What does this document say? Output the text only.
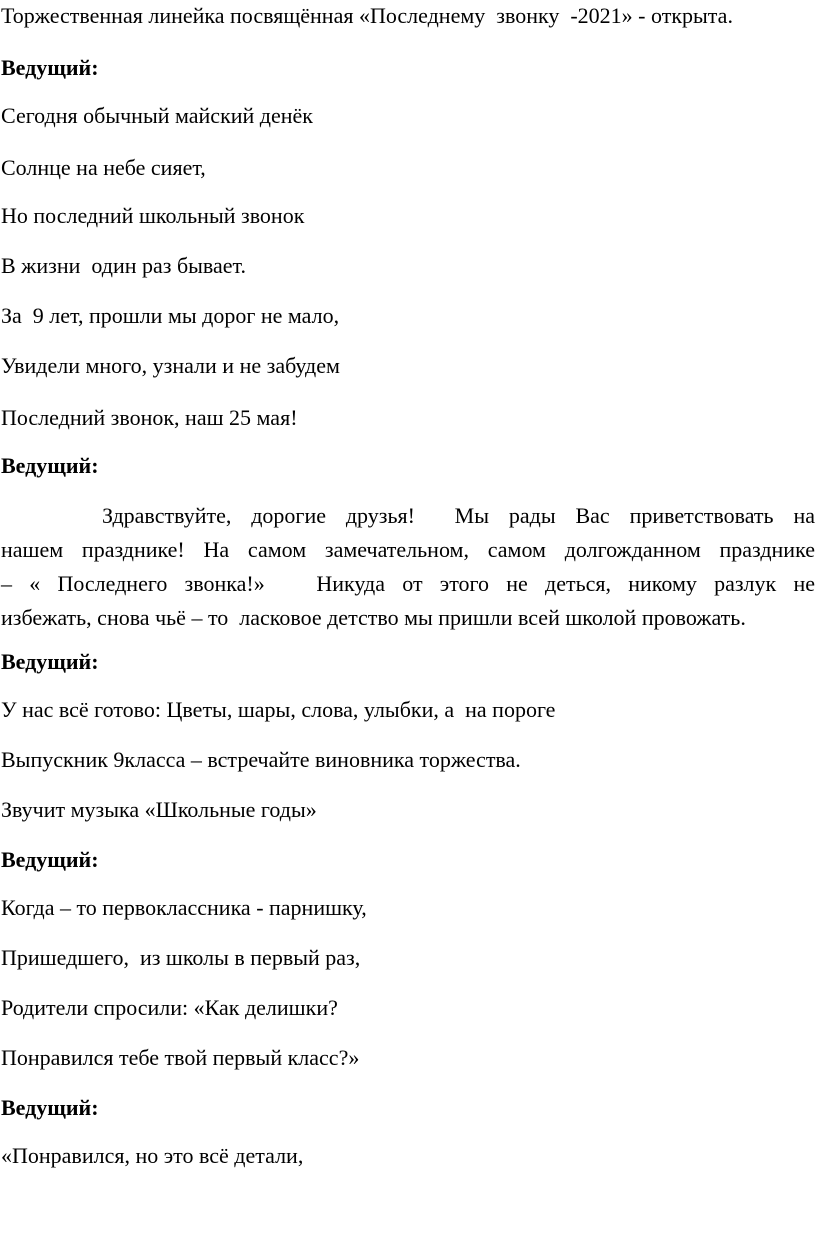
Торжественная линейка посвящённая «Последнему  звонку  -2021» - открыта.

Ведущий:

Сегодня обычный майский денёк

Солнце на небе сияет,

Но последний школьный звонок

В жизни  один раз бывает.

За  9 лет, прошли мы дорог не мало,

Увидели много, узнали и не забудем

Последний звонок, наш 25 мая!

Ведущий:

Здравствуйте, дорогие друзья!  Мы рады Вас приветствовать на
нашем празднике! На самом замечательном, самом долгожданном празднике
– « Последнего звонка!»   Никуда от этого не деться, никому разлук не
избежать, снова чьё – то  ласковое детство мы пришли всей школой провожать.

Ведущий:

У нас всё готово: Цветы, шары, слова, улыбки, а  на пороге

Выпускник 9класса – встречайте виновника торжества.

Звучит музыка «Школьные годы»

Ведущий:

Когда – то первоклассника - парнишку,

Пришедшего,  из школы в первый раз,

Родители спросили: «Как делишки?

Понравился тебе твой первый класс?»

Ведущий:

«Понравился, но это всё детали,
